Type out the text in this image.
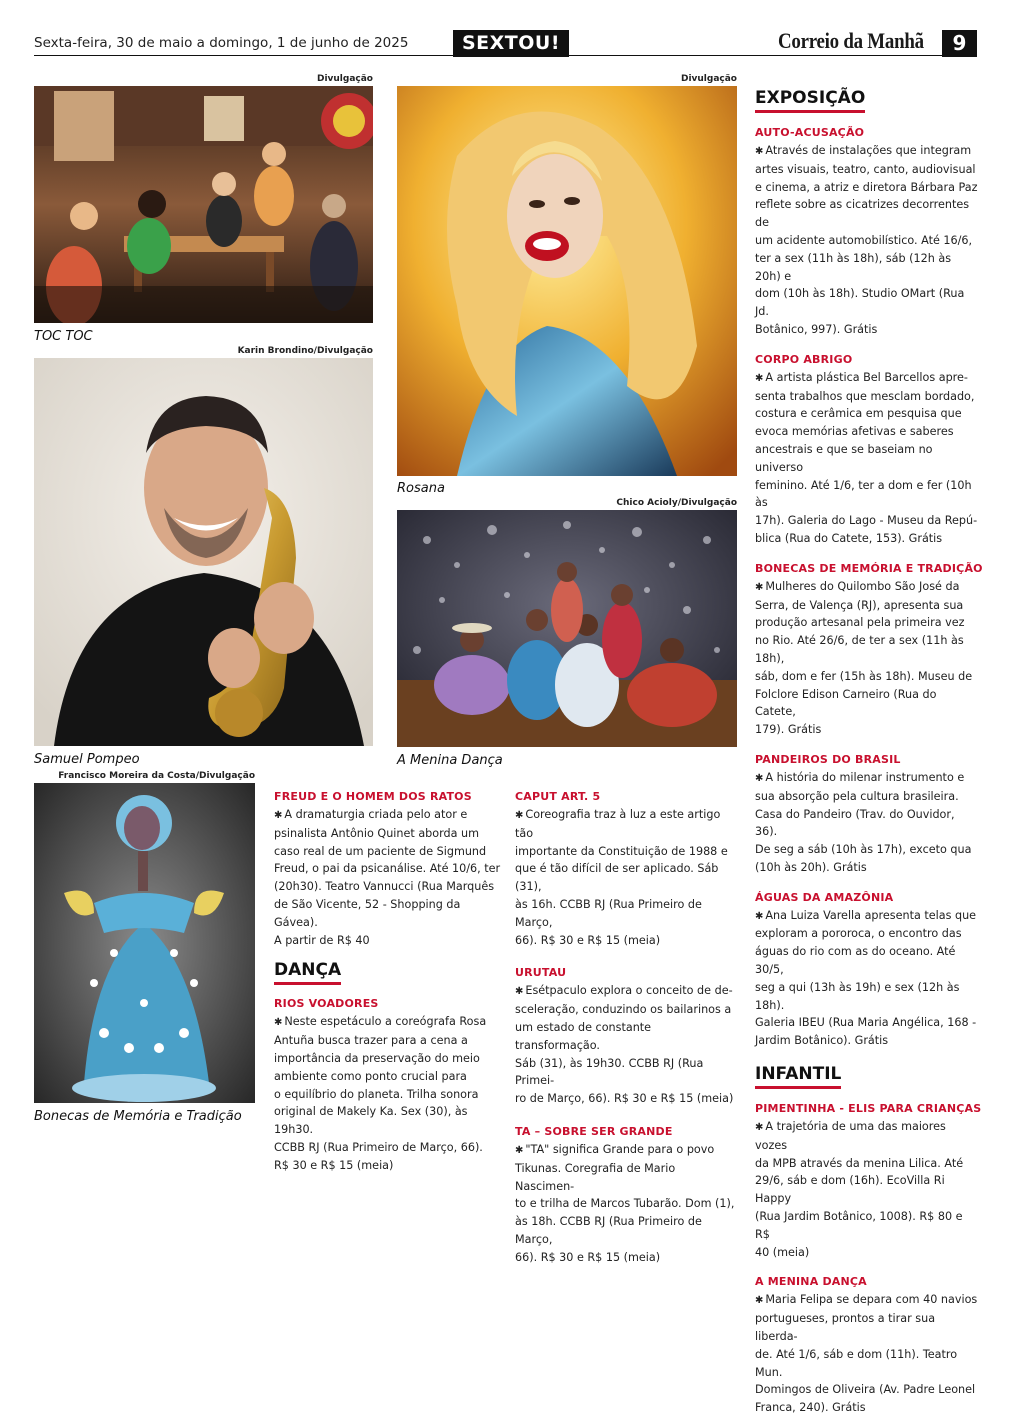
Sexta-feira, 30 de maio a domingo, 1 de junho de 2025	SEXTOU!	Correio da Manhã	9
Divulgação
TOC TOC
Karin Brondino/Divulgação
Samuel Pompeo
Divulgação
Rosana
Chico Acioly/Divulgação
A Menina Dança
Francisco Moreira da Costa/Divulgação
Bonecas de Memória e Tradição
FREUD E O HOMEM DOS RATOS
✱ A dramaturgia criada pelo ator e
psinalista Antônio Quinet aborda um
caso real de um paciente de Sigmund
Freud, o pai da psicanálise. Até 10/6, ter
(20h30). Teatro Vannucci (Rua Marquês
de São Vicente, 52 - Shopping da Gávea).
A partir de R$ 40
DANÇA
RIOS VOADORES
✱ Neste espetáculo a coreógrafa Rosa
Antuña busca trazer para a cena a
importância da preservação do meio
ambiente como ponto crucial para
o equilíbrio do planeta. Trilha sonora
original de Makely Ka. Sex (30), às 19h30.
CCBB RJ (Rua Primeiro de Março, 66).
R$ 30 e R$ 15 (meia)
CAPUT ART. 5
✱ Coreografia traz à luz a este artigo tão
importante da Constituição de 1988 e
que é tão difícil de ser aplicado. Sáb (31),
às 16h. CCBB RJ (Rua Primeiro de Março,
66). R$ 30 e R$ 15 (meia)
URUTAU
✱ Esétpaculo explora o conceito de de-
sceleração, conduzindo os bailarinos a
um estado de constante transformação.
Sáb (31), às 19h30. CCBB RJ (Rua Primei-
ro de Março, 66). R$ 30 e R$ 15 (meia)
TA – SOBRE SER GRANDE
✱ "TA" significa Grande para o povo
Tikunas. Coregrafia de Mario Nascimen-
to e trilha de Marcos Tubarão. Dom (1),
às 18h. CCBB RJ (Rua Primeiro de Março,
66). R$ 30 e R$ 15 (meia)
EXPOSIÇÃO
AUTO-ACUSAÇÃO
✱ Através de instalações que integram
artes visuais, teatro, canto, audiovisual
e cinema, a atriz e diretora Bárbara Paz
reflete sobre as cicatrizes decorrentes de
um acidente automobilístico. Até 16/6,
ter a sex (11h às 18h), sáb (12h às 20h) e
dom (10h às 18h). Studio OMart (Rua Jd.
Botânico, 997). Grátis
CORPO ABRIGO
✱ A artista plástica Bel Barcellos apre-
senta trabalhos que mesclam bordado,
costura e cerâmica em pesquisa que
evoca memórias afetivas e saberes
ancestrais e que se baseiam no universo
feminino. Até 1/6, ter a dom e fer (10h às
17h). Galeria do Lago - Museu da Repú-
blica (Rua do Catete, 153). Grátis
BONECAS DE MEMÓRIA E TRADIÇÃO
✱ Mulheres do Quilombo São José da
Serra, de Valença (RJ), apresenta sua
produção artesanal pela primeira vez
no Rio. Até 26/6, de ter a sex (11h às 18h),
sáb, dom e fer (15h às 18h). Museu de
Folclore Edison Carneiro (Rua do Catete,
179). Grátis
PANDEIROS DO BRASIL
✱ A história do milenar instrumento e
sua absorção pela cultura brasileira.
Casa do Pandeiro (Trav. do Ouvidor, 36).
De seg a sáb (10h às 17h), exceto qua
(10h às 20h). Grátis
ÁGUAS DA AMAZÔNIA
✱ Ana Luiza Varella apresenta telas que
exploram a pororoca, o encontro das
águas do rio com as do oceano. Até 30/5,
seg a qui (13h às 19h) e sex (12h às 18h).
Galeria IBEU (Rua Maria Angélica, 168 -
Jardim Botânico). Grátis
INFANTIL
PIMENTINHA - ELIS PARA CRIANÇAS
✱ A trajetória de uma das maiores vozes
da MPB através da menina Lilica. Até
29/6, sáb e dom (16h). EcoVilla Ri Happy
(Rua Jardim Botânico, 1008). R$ 80 e R$
40 (meia)
A MENINA DANÇA
✱ Maria Felipa se depara com 40 navios
portugueses, prontos a tirar sua liberda-
de. Até 1/6, sáb e dom (11h). Teatro Mun.
Domingos de Oliveira (Av. Padre Leonel
Franca, 240). Grátis
